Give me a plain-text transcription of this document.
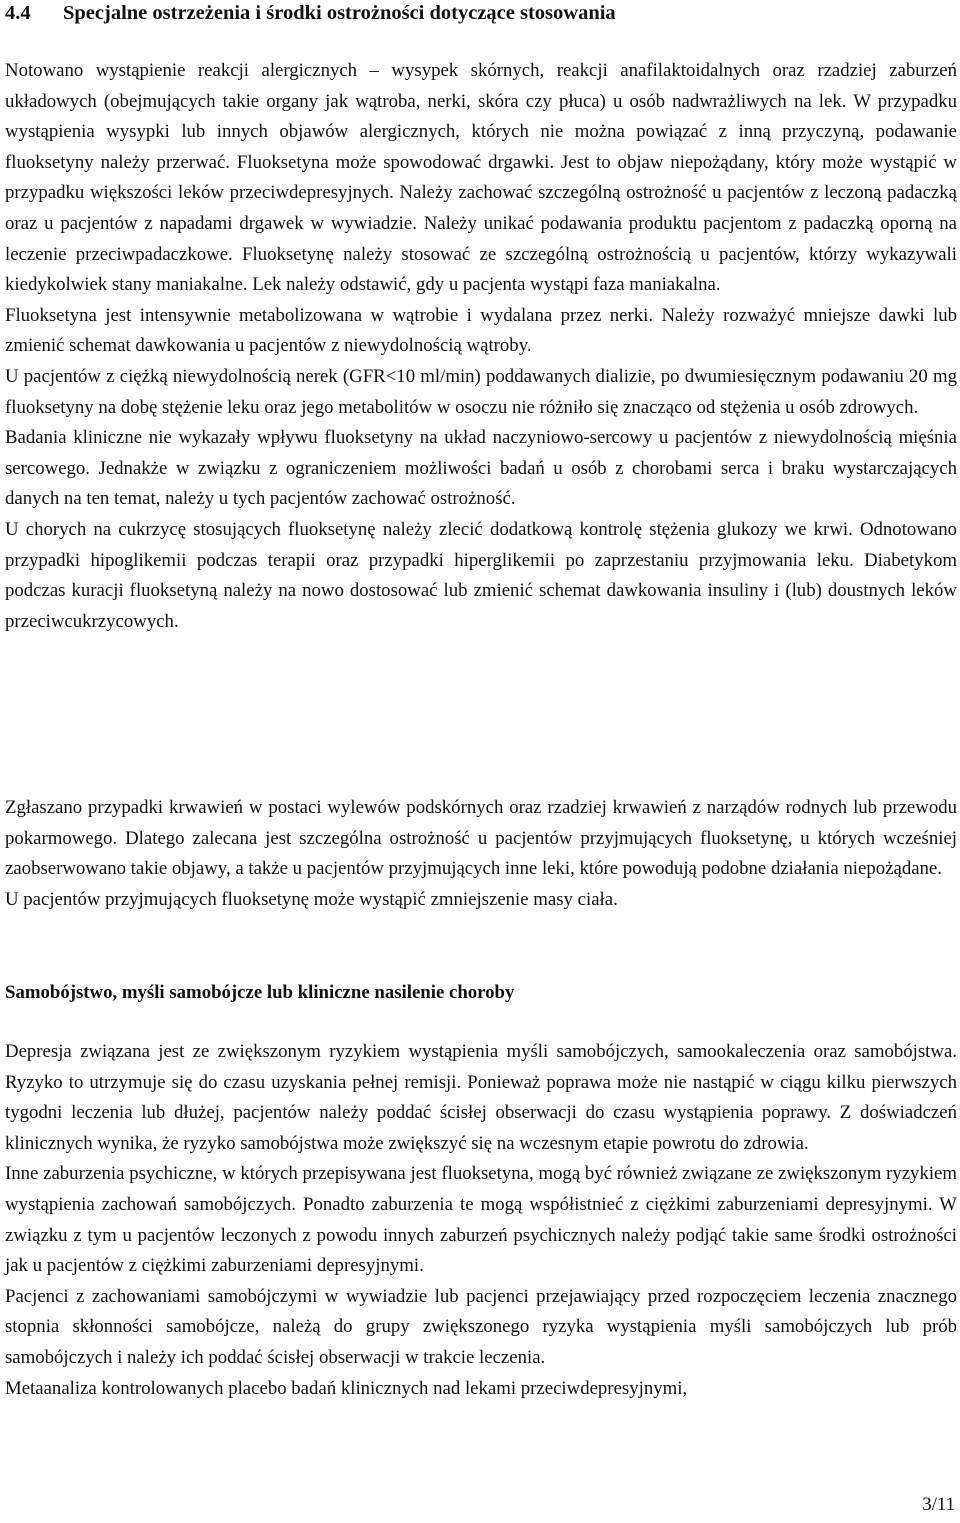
4.4 Specjalne ostrzeżenia i środki ostrożności dotyczące stosowania

Notowano wystąpienie reakcji alergicznych – wysypek skórnych, reakcji anafilaktoidalnych oraz rzadziej zaburzeń układowych (obejmujących takie organy jak wątroba, nerki, skóra czy płuca) u osób nadwrażliwych na lek. W przypadku wystąpienia wysypki lub innych objawów alergicznych, których nie można powiązać z inną przyczyną, podawanie fluoksetyny należy przerwać. Fluoksetyna może spowodować drgawki. Jest to objaw niepożądany, który może wystąpić w przypadku większości leków przeciwdepresyjnych. Należy zachować szczególną ostrożność u pacjentów z leczoną padaczką oraz u pacjentów z napadami drgawek w wywiadzie. Należy unikać podawania produktu pacjentom z padaczką oporną na leczenie przeciwpadaczkowe. Fluoksetynę należy stosować ze szczególną ostrożnością u pacjentów, którzy wykazywali kiedykolwiek stany maniakalne. Lek należy odstawić, gdy u pacjenta wystąpi faza maniakalna.

Fluoksetyna jest intensywnie metabolizowana w wątrobie i wydalana przez nerki. Należy rozważyć mniejsze dawki lub zmienić schemat dawkowania u pacjentów z niewydolnością wątroby.

U pacjentów z ciężką niewydolnością nerek (GFR<10 ml/min) poddawanych dializie, po dwumiesięcznym podawaniu 20 mg fluoksetyny na dobę stężenie leku oraz jego metabolitów w osoczu nie różniło się znacząco od stężenia u osób zdrowych.

Badania kliniczne nie wykazały wpływu fluoksetyny na układ naczyniowo-sercowy u pacjentów z niewydolnością mięśnia sercowego. Jednakże w związku z ograniczeniem możliwości badań u osób z chorobami serca i braku wystarczających danych na ten temat, należy u tych pacjentów zachować ostrożność.

U chorych na cukrzycę stosujących fluoksetynę należy zlecić dodatkową kontrolę stężenia glukozy we krwi. Odnotowano przypadki hipoglikemii podczas terapii oraz przypadki hiperglikemii po zaprzestaniu przyjmowania leku. Diabetykom podczas kuracji fluoksetyną należy na nowo dostosować lub zmienić schemat dawkowania insuliny i (lub) doustnych leków przeciwcukrzycowych.

Zgłaszano przypadki krwawień w postaci wylewów podskórnych oraz rzadziej krwawień z narządów rodnych lub przewodu pokarmowego. Dlatego zalecana jest szczególna ostrożność u pacjentów przyjmujących fluoksetynę, u których wcześniej zaobserwowano takie objawy, a także u pacjentów przyjmujących inne leki, które powodują podobne działania niepożądane.

U pacjentów przyjmujących fluoksetynę może wystąpić zmniejszenie masy ciała.

Samobójstwo, myśli samobójcze lub kliniczne nasilenie choroby

Depresja związana jest ze zwiększonym ryzykiem wystąpienia myśli samobójczych, samookaleczenia oraz samobójstwa. Ryzyko to utrzymuje się do czasu uzyskania pełnej remisji. Ponieważ poprawa może nie nastąpić w ciągu kilku pierwszych tygodni leczenia lub dłużej, pacjentów należy poddać ścisłej obserwacji do czasu wystąpienia poprawy. Z doświadczeń klinicznych wynika, że ryzyko samobójstwa może zwiększyć się na wczesnym etapie powrotu do zdrowia.

Inne zaburzenia psychiczne, w których przepisywana jest fluoksetyna, mogą być również związane ze zwiększonym ryzykiem wystąpienia zachowań samobójczych. Ponadto zaburzenia te mogą współistnieć z ciężkimi zaburzeniami depresyjnymi. W związku z tym u pacjentów leczonych z powodu innych zaburzeń psychicznych należy podjąć takie same środki ostrożności jak u pacjentów z ciężkimi zaburzeniami depresyjnymi.

Pacjenci z zachowaniami samobójczymi w wywiadzie lub pacjenci przejawiający przed rozpoczęciem leczenia znacznego stopnia skłonności samobójcze, należą do grupy zwiększonego ryzyka wystąpienia myśli samobójczych lub prób samobójczych i należy ich poddać ścisłej obserwacji w trakcie leczenia.

Metaanaliza kontrolowanych placebo badań klinicznych nad lekami przeciwdepresyjnymi,

3/11
